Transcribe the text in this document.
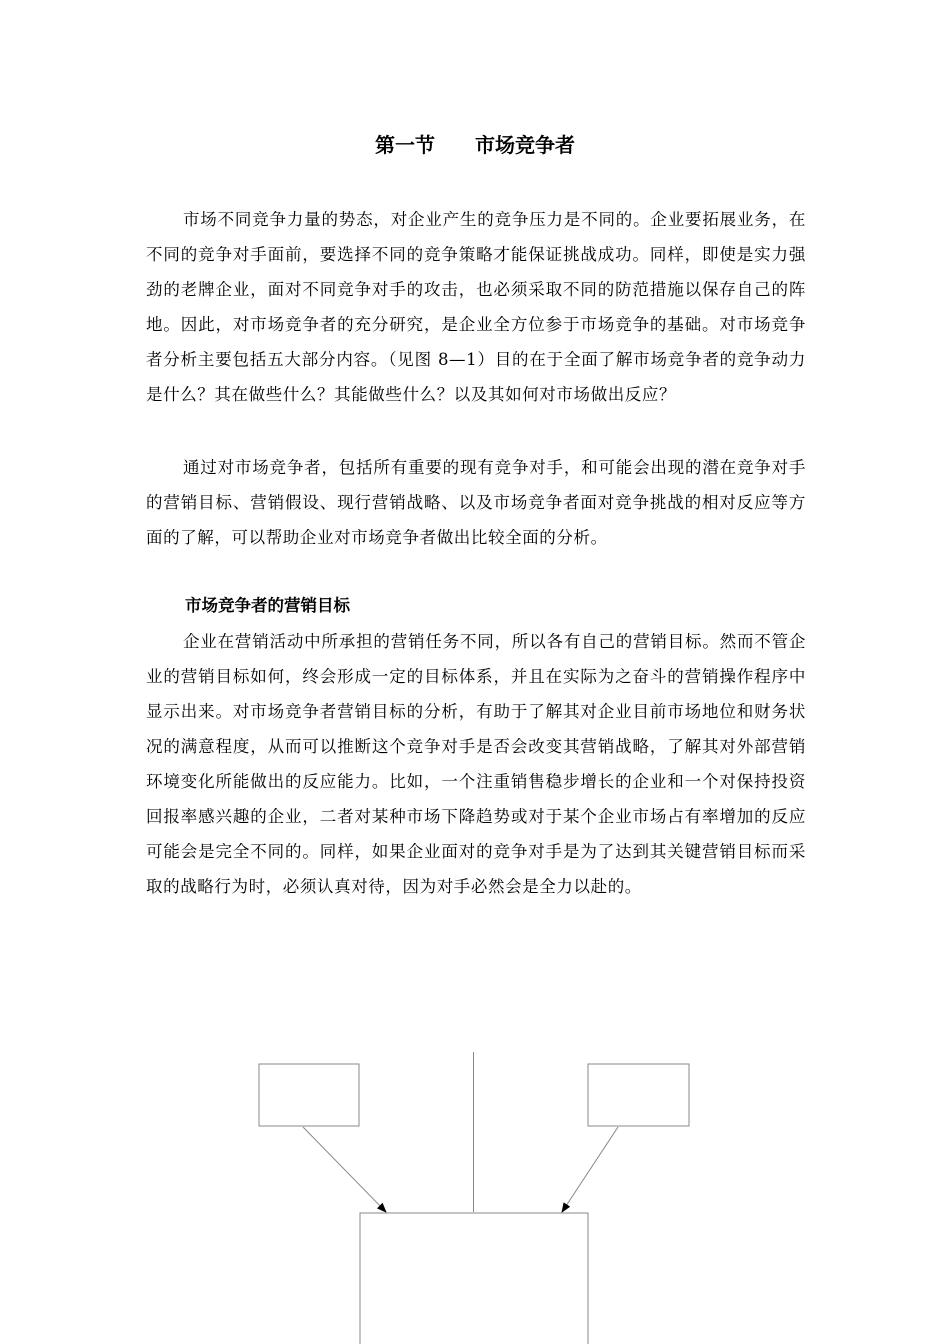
第一节　　市场竞争者

市场不同竞争力量的势态，对企业产生的竞争压力是不同的。企业要拓展业务，在不同的竞争对手面前，要选择不同的竞争策略才能保证挑战成功。同样，即使是实力强劲的老牌企业，面对不同竞争对手的攻击，也必须采取不同的防范措施以保存自己的阵地。因此，对市场竞争者的充分研究，是企业全方位参于市场竞争的基础。对市场竞争者分析主要包括五大部分内容。（见图 8—1）目的在于全面了解市场竞争者的竞争动力是什么？其在做些什么？其能做些什么？以及其如何对市场做出反应？

通过对市场竞争者，包括所有重要的现有竞争对手，和可能会出现的潜在竞争对手的营销目标、营销假设、现行营销战略、以及市场竞争者面对竞争挑战的相对反应等方面的了解，可以帮助企业对市场竞争者做出比较全面的分析。

市场竞争者的营销目标

企业在营销活动中所承担的营销任务不同，所以各有自己的营销目标。然而不管企业的营销目标如何，终会形成一定的目标体系，并且在实际为之奋斗的营销操作程序中显示出来。对市场竞争者营销目标的分析，有助于了解其对企业目前市场地位和财务状况的满意程度，从而可以推断这个竞争对手是否会改变其营销战略，了解其对外部营销环境变化所能做出的反应能力。比如，一个注重销售稳步增长的企业和一个对保持投资回报率感兴趣的企业，二者对某种市场下降趋势或对于某个企业市场占有率增加的反应可能会是完全不同的。同样，如果企业面对的竞争对手是为了达到其关键营销目标而采取的战略行为时，必须认真对待，因为对手必然会是全力以赴的。
